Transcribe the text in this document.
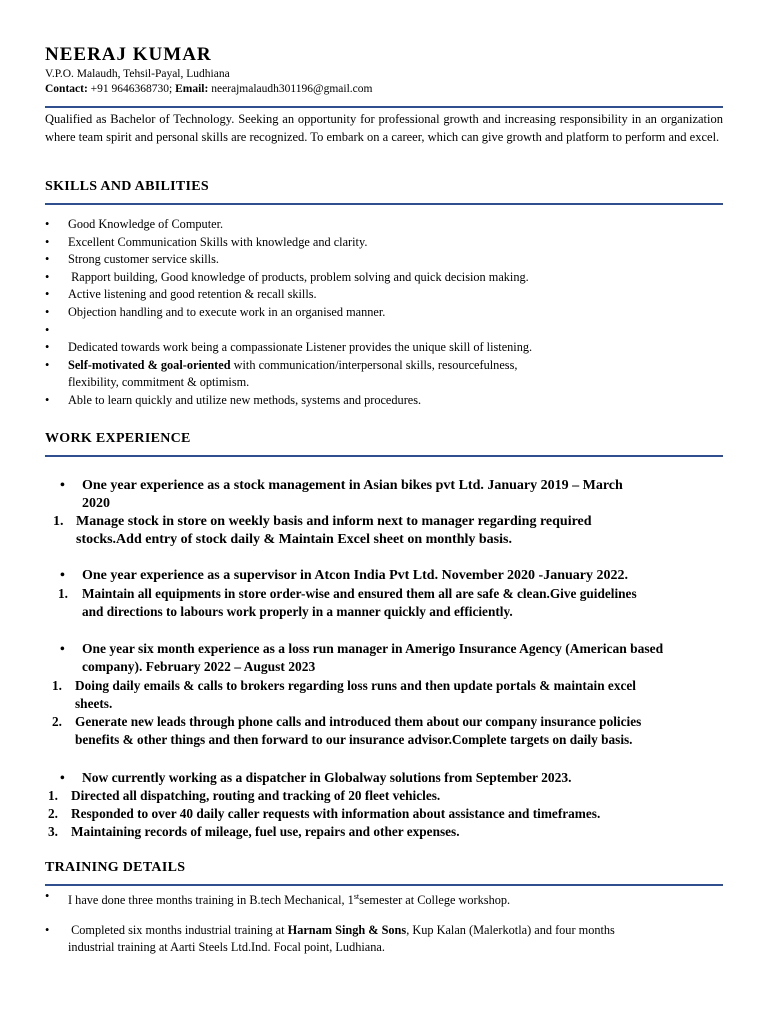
NEERAJ KUMAR
V.P.O. Malaudh, Tehsil-Payal, Ludhiana
Contact: +91 9646368730; Email: neerajmalaudh301196@gmail.com
Qualified as Bachelor of Technology. Seeking an opportunity for professional growth and increasing responsibility in an organization where team spirit and personal skills are recognized. To embark on a career, which can give growth and platform to perform and excel.
SKILLS AND ABILITIES
• Good Knowledge of Computer.
• Excellent Communication Skills with knowledge and clarity.
• Strong customer service skills.
•  Rapport building, Good knowledge of products, problem solving and quick decision making.
• Active listening and good retention & recall skills.
• Objection handling and to execute work in an organised manner.
•
• Dedicated towards work being a compassionate Listener provides the unique skill of listening.
• Self-motivated & goal-oriented with communication/interpersonal skills, resourcefulness,
flexibility, commitment & optimism.
• Able to learn quickly and utilize new methods, systems and procedures.
WORK EXPERIENCE
• One year experience as a stock management in Asian bikes pvt Ltd. January 2019 – March
2020
1. Manage stock in store on weekly basis and inform next to manager regarding required
stocks.Add entry of stock daily & Maintain Excel sheet on monthly basis.
• One year experience as a supervisor in Atcon India Pvt Ltd. November 2020 -January 2022.
1. Maintain all equipments in store order-wise and ensured them all are safe & clean.Give guidelines
and directions to labours work properly in a manner quickly and efficiently.
• One year six month experience as a loss run manager in Amerigo Insurance Agency (American based
company). February 2022 – August 2023
1. Doing daily emails & calls to brokers regarding loss runs and then update portals & maintain excel
sheets.
2. Generate new leads through phone calls and introduced them about our company insurance policies
benefits & other things and then forward to our insurance advisor.Complete targets on daily basis.
• Now currently working as a dispatcher in Globalway solutions from September 2023.
1. Directed all dispatching, routing and tracking of 20 fleet vehicles.
2. Responded to over 40 daily caller requests with information about assistance and timeframes.
3. Maintaining records of mileage, fuel use, repairs and other expenses.
TRAINING DETAILS
• I have done three months training in B.tech Mechanical, 1stsemester at College workshop.
• Completed six months industrial training at Harnam Singh & Sons, Kup Kalan (Malerkotla) and four months
industrial training at Aarti Steels Ltd.Ind. Focal point, Ludhiana.
